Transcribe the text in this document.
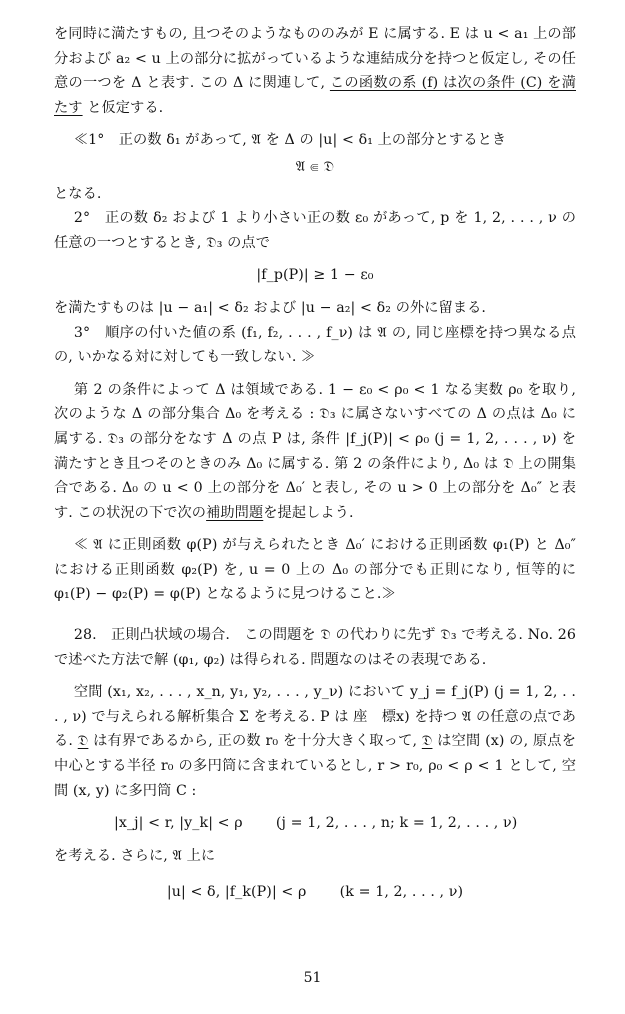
を同時に満たすもの, 且つそのようなもののみが E に属する. E は u < a₁ 上の部分および a₂ < u 上の部分に拡がっているような連結成分を持つと仮定し, その任意の一つを Δ と表す. この Δ に関連して, この函数の系 (f) は次の条件 (C) を満たす と仮定する.

≪1°　正の数 δ₁ があって, 𝔄 を Δ の |u| < δ₁ 上の部分とするとき

𝔄 ⋐ 𝔇

となる.

2°　正の数 δ₂ および 1 より小さい正の数 ε₀ があって, p を 1, 2, . . . , ν の任意の一つとするとき, 𝔇₃ の点で

|f_p(P)| ≥ 1 − ε₀

を満たすものは |u − a₁| < δ₂ および |u − a₂| < δ₂ の外に留まる.

3°　順序の付いた値の系 (f₁, f₂, . . . , f_ν) は 𝔄 の, 同じ座標を持つ異なる点の, いかなる対に対しても一致しない. ≫

第 2 の条件によって Δ は領域である. 1 − ε₀ < ρ₀ < 1 なる実数 ρ₀ を取り, 次のような Δ の部分集合 Δ₀ を考える : 𝔇₃ に属さないすべての Δ の点は Δ₀ に属する. 𝔇₃ の部分をなす Δ の点 P は, 条件 |f_j(P)| < ρ₀ (j = 1, 2, . . . , ν) を満たすとき且つそのときのみ Δ₀ に属する. 第 2 の条件により, Δ₀ は 𝔇 上の開集合である. Δ₀ の u < 0 上の部分を Δ₀′ と表し, その u > 0 上の部分を Δ₀″ と表す. この状況の下で次の補助問題を提起しよう.

≪ 𝔄 に正則函数 φ(P) が与えられたとき Δ₀′ における正則函数 φ₁(P) と Δ₀″ における正則函数 φ₂(P) を, u = 0 上の Δ₀ の部分でも正則になり, 恒等的に φ₁(P) − φ₂(P) = φ(P) となるように見つけること.≫

28.　正則凸状域の場合.　この問題を 𝔇 の代わりに先ず 𝔇₃ で考える. No. 26 で述べた方法で解 (φ₁, φ₂) は得られる. 問題なのはその表現である.

空間 (x₁, x₂, . . . , x_n, y₁, y₂, . . . , y_ν) において y_j = f_j(P) (j = 1, 2, . . . , ν) で与えられる解析集合 Σ を考える. P は 座　標x) を持つ 𝔄 の任意の点である. 𝔇 は有界であるから, 正の数 r₀ を十分大きく取って, 𝔇 は空間 (x) の, 原点を中心とする半径 r₀ の多円筒に含まれているとし, r > r₀, ρ₀ < ρ < 1 として, 空間 (x, y) に多円筒 C :

|x_j| < r, |y_k| < ρ　　 (j = 1, 2, . . . , n; k = 1, 2, . . . , ν)

を考える. さらに, 𝔄 上に

|u| < δ, |f_k(P)| < ρ　　 (k = 1, 2, . . . , ν)
51
